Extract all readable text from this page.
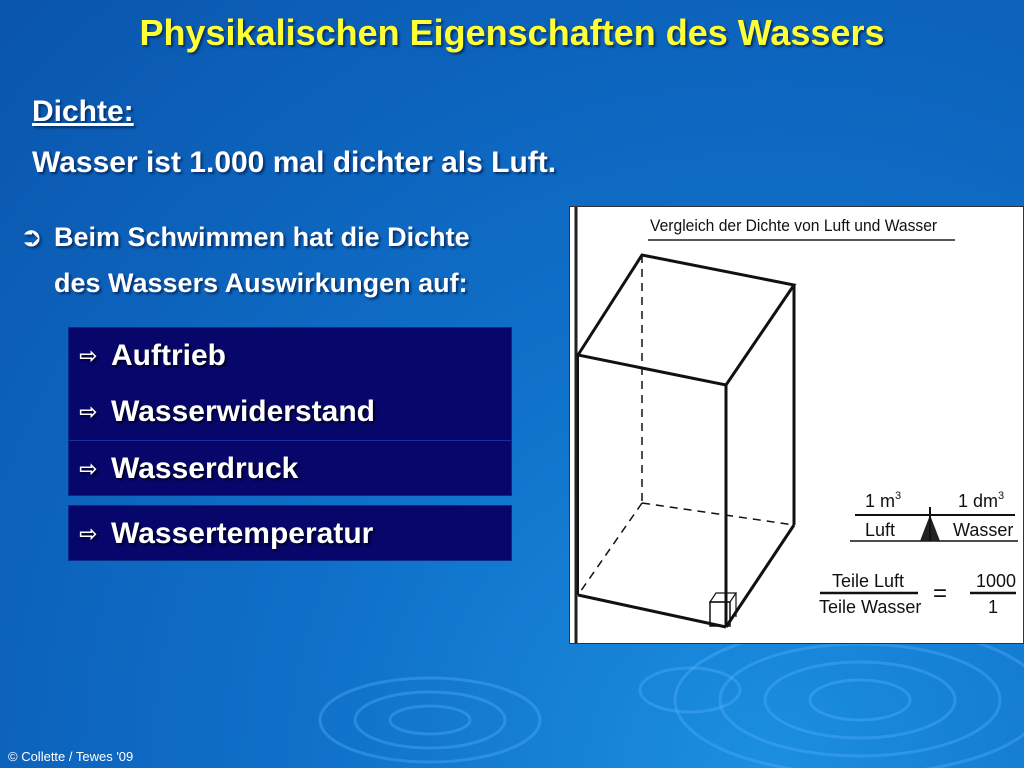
Physikalischen Eigenschaften des Wassers
Dichte:
Wasser ist 1.000 mal dichter als Luft.
➲ Beim Schwimmen hat die Dichte
des Wassers Auswirkungen auf:
⇨ Auftrieb
⇨ Wasserwiderstand
⇨ Wasserdruck
⇨ Wassertemperatur
Vergleich der Dichte von Luft und Wasser
1 $m^3$
Luft
1 $dm^3$
Wasser
Teile Luft
Teile Wasser = 1000
1
© Collette / Tewes '09
